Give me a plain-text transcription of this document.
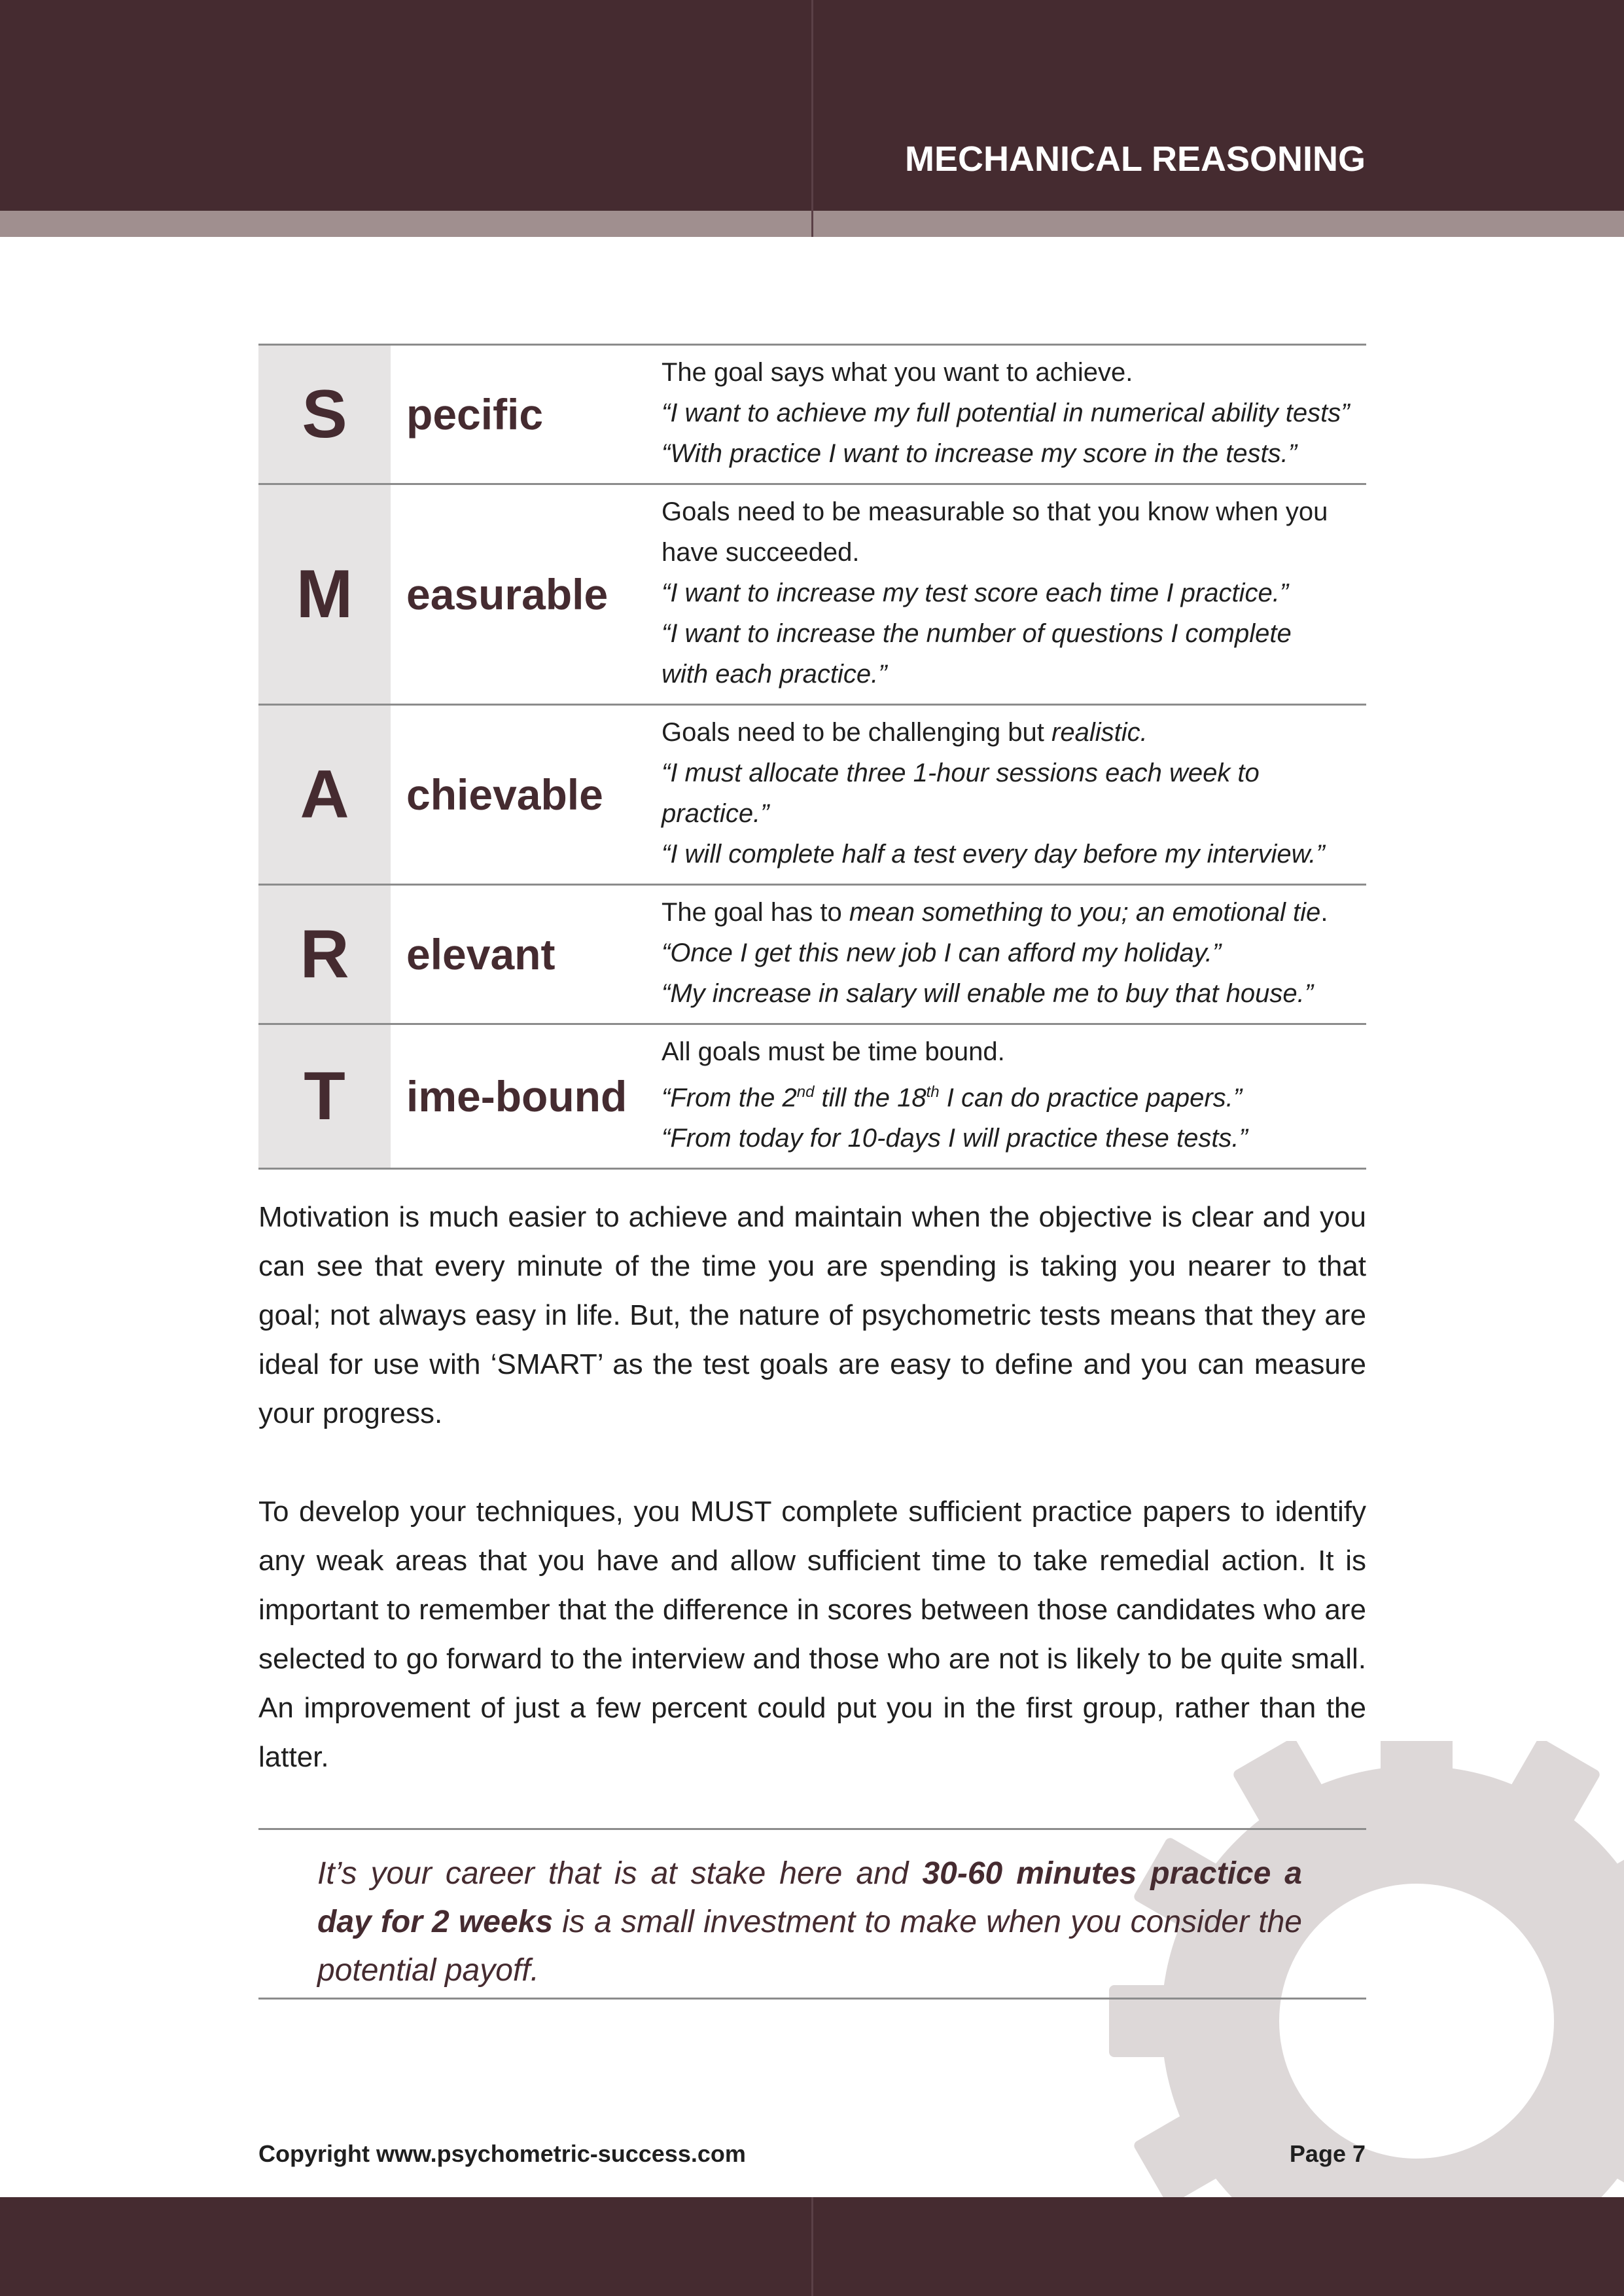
MECHANICAL REASONING
S	pecific	The goal says what you want to achieve.
“I want to achieve my full potential in numerical ability tests”
“With practice I want to increase my score in the tests.”

M	easurable	Goals need to be measurable so that you know when you
have succeeded.
“I want to increase my test score each time I practice.”
“I want to increase the number of questions I complete
with each practice.”

A	chievable	Goals need to be challenging but realistic.
“I must allocate three 1-hour sessions each week to
practice.”
“I will complete half a test every day before my interview.”

R	elevant	The goal has to mean something to you; an emotional tie.
“Once I get this new job I can afford my holiday.”
“My increase in salary will enable me to buy that house.”

T	ime-bound	All goals must be time bound.
“From the 2nd till the 18th I can do practice papers.”
“From today for 10-days I will practice these tests.”

Motivation is much easier to achieve and maintain when the objective is clear and you can see that every minute of the time you are spending is taking you nearer to that goal; not always easy in life. But, the nature of psychometric tests means that they are ideal for use with ‘SMART’ as the test goals are easy to define and you can measure your progress.

To develop your techniques, you MUST complete sufficient practice papers to identify any weak areas that you have and allow sufficient time to take remedial action. It is important to remember that the difference in scores between those candidates who are selected to go forward to the interview and those who are not is likely to be quite small. An improvement of just a few percent could put you in the first group, rather than the latter.

It’s your career that is at stake here and 30-60 minutes practice a day for 2 weeks is a small investment to make when you consider the potential payoff.
Copyright www.psychometric-success.com	Page 7
